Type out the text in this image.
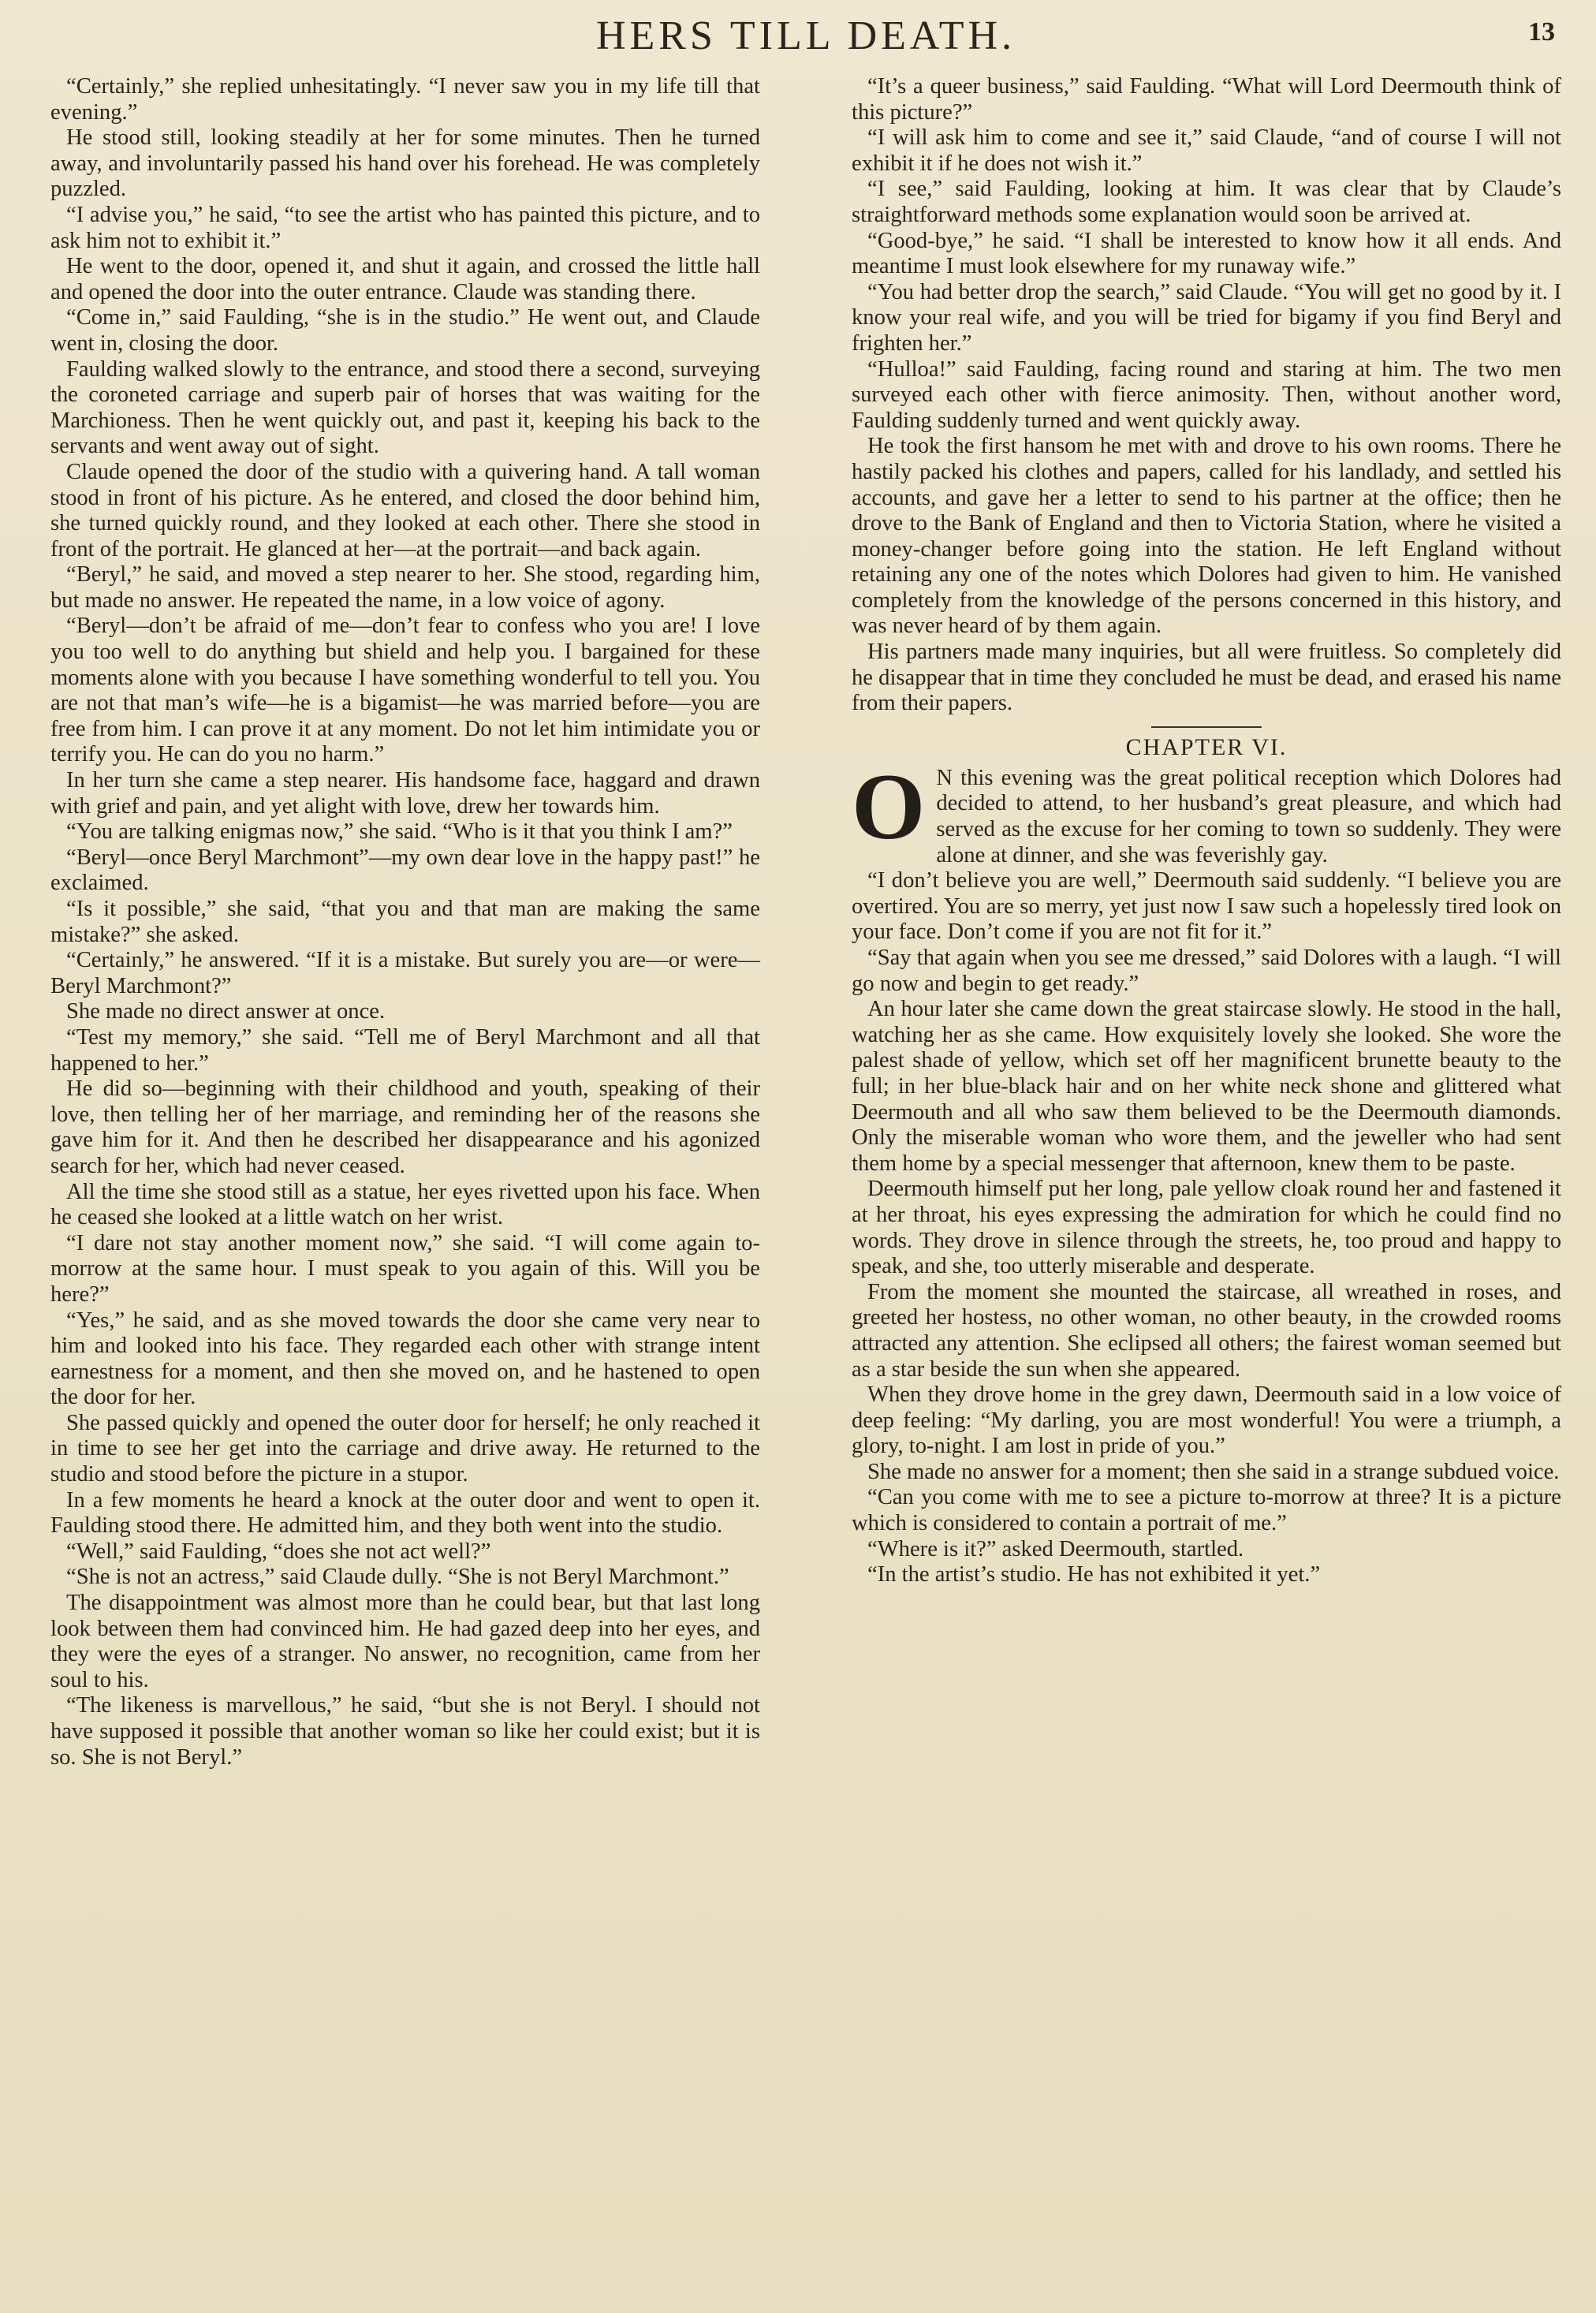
HERS TILL DEATH.	13

“Certainly,” she replied unhesitatingly. “I never saw you in my life till that evening.”

He stood still, looking steadily at her for some minutes. Then he turned away, and involuntarily passed his hand over his forehead. He was completely puzzled.

“I advise you,” he said, “to see the artist who has painted this picture, and to ask him not to exhibit it.”

He went to the door, opened it, and shut it again, and crossed the little hall and opened the door into the outer entrance. Claude was standing there.

“Come in,” said Faulding, “she is in the studio.” He went out, and Claude went in, closing the door.

Faulding walked slowly to the entrance, and stood there a second, surveying the coroneted carriage and superb pair of horses that was waiting for the Marchioness. Then he went quickly out, and past it, keeping his back to the servants and went away out of sight.

Claude opened the door of the studio with a quivering hand. A tall woman stood in front of his picture. As he entered, and closed the door behind him, she turned quickly round, and they looked at each other. There she stood in front of the portrait. He glanced at her—at the portrait—and back again.

“Beryl,” he said, and moved a step nearer to her. She stood, regarding him, but made no answer. He repeated the name, in a low voice of agony.

“Beryl—don’t be afraid of me—don’t fear to confess who you are! I love you too well to do anything but shield and help you. I bargained for these moments alone with you because I have something wonderful to tell you. You are not that man’s wife—he is a bigamist—he was married before—you are free from him. I can prove it at any moment. Do not let him intimidate you or terrify you. He can do you no harm.”

In her turn she came a step nearer. His handsome face, haggard and drawn with grief and pain, and yet alight with love, drew her towards him.

“You are talking enigmas now,” she said. “Who is it that you think I am?”

“Beryl—once Beryl Marchmont”—my own dear love in the happy past!” he exclaimed.

“Is it possible,” she said, “that you and that man are making the same mistake?” she asked.

“Certainly,” he answered. “If it is a mistake. But surely you are—or were—Beryl Marchmont?”

She made no direct answer at once.

“Test my memory,” she said. “Tell me of Beryl Marchmont and all that happened to her.”

He did so—beginning with their childhood and youth, speaking of their love, then telling her of her marriage, and reminding her of the reasons she gave him for it. And then he described her disappearance and his agonized search for her, which had never ceased.

All the time she stood still as a statue, her eyes rivetted upon his face. When he ceased she looked at a little watch on her wrist.

“I dare not stay another moment now,” she said. “I will come again to-morrow at the same hour. I must speak to you again of this. Will you be here?”

“Yes,” he said, and as she moved towards the door she came very near to him and looked into his face. They regarded each other with strange intent earnestness for a moment, and then she moved on, and he hastened to open the door for her.

She passed quickly and opened the outer door for herself; he only reached it in time to see her get into the carriage and drive away. He returned to the studio and stood before the picture in a stupor.

In a few moments he heard a knock at the outer door and went to open it. Faulding stood there. He admitted him, and they both went into the studio.

“Well,” said Faulding, “does she not act well?”

“She is not an actress,” said Claude dully. “She is not Beryl Marchmont.”

The disappointment was almost more than he could bear, but that last long look between them had convinced him. He had gazed deep into her eyes, and they were the eyes of a stranger. No answer, no recognition, came from her soul to his.

“The likeness is marvellous,” he said, “but she is not Beryl. I should not have supposed it possible that another woman so like her could exist; but it is so. She is not Beryl.”

“It’s a queer business,” said Faulding. “What will Lord Deermouth think of this picture?”

“I will ask him to come and see it,” said Claude, “and of course I will not exhibit it if he does not wish it.”

“I see,” said Faulding, looking at him. It was clear that by Claude’s straightforward methods some explanation would soon be arrived at.

“Good-bye,” he said. “I shall be interested to know how it all ends. And meantime I must look elsewhere for my runaway wife.”

“You had better drop the search,” said Claude. “You will get no good by it. I know your real wife, and you will be tried for bigamy if you find Beryl and frighten her.”

“Hulloa!” said Faulding, facing round and staring at him. The two men surveyed each other with fierce animosity. Then, without another word, Faulding suddenly turned and went quickly away.

He took the first hansom he met with and drove to his own rooms. There he hastily packed his clothes and papers, called for his landlady, and settled his accounts, and gave her a letter to send to his partner at the office; then he drove to the Bank of England and then to Victoria Station, where he visited a money-changer before going into the station. He left England without retaining any one of the notes which Dolores had given to him. He vanished completely from the knowledge of the persons concerned in this history, and was never heard of by them again.

His partners made many inquiries, but all were fruitless. So completely did he disappear that in time they concluded he must be dead, and erased his name from their papers.

CHAPTER VI.

O N this evening was the great political reception which Dolores had decided to attend, to her husband’s great pleasure, and which had served as the excuse for her coming to town so suddenly. They were alone at dinner, and she was feverishly gay.

“I don’t believe you are well,” Deermouth said suddenly. “I believe you are overtired. You are so merry, yet just now I saw such a hopelessly tired look on your face. Don’t come if you are not fit for it.”

“Say that again when you see me dressed,” said Dolores with a laugh. “I will go now and begin to get ready.”

An hour later she came down the great staircase slowly. He stood in the hall, watching her as she came. How exquisitely lovely she looked. She wore the palest shade of yellow, which set off her magnificent brunette beauty to the full; in her blue-black hair and on her white neck shone and glittered what Deermouth and all who saw them believed to be the Deermouth diamonds. Only the miserable woman who wore them, and the jeweller who had sent them home by a special messenger that afternoon, knew them to be paste.

Deermouth himself put her long, pale yellow cloak round her and fastened it at her throat, his eyes expressing the admiration for which he could find no words. They drove in silence through the streets, he, too proud and happy to speak, and she, too utterly miserable and desperate.

From the moment she mounted the staircase, all wreathed in roses, and greeted her hostess, no other woman, no other beauty, in the crowded rooms attracted any attention. She eclipsed all others; the fairest woman seemed but as a star beside the sun when she appeared.

When they drove home in the grey dawn, Deermouth said in a low voice of deep feeling: “My darling, you are most wonderful! You were a triumph, a glory, to-night. I am lost in pride of you.”

She made no answer for a moment; then she said in a strange subdued voice.

“Can you come with me to see a picture to-morrow at three? It is a picture which is considered to contain a portrait of me.”

“Where is it?” asked Deermouth, startled.

“In the artist’s studio. He has not exhibited it yet.”
